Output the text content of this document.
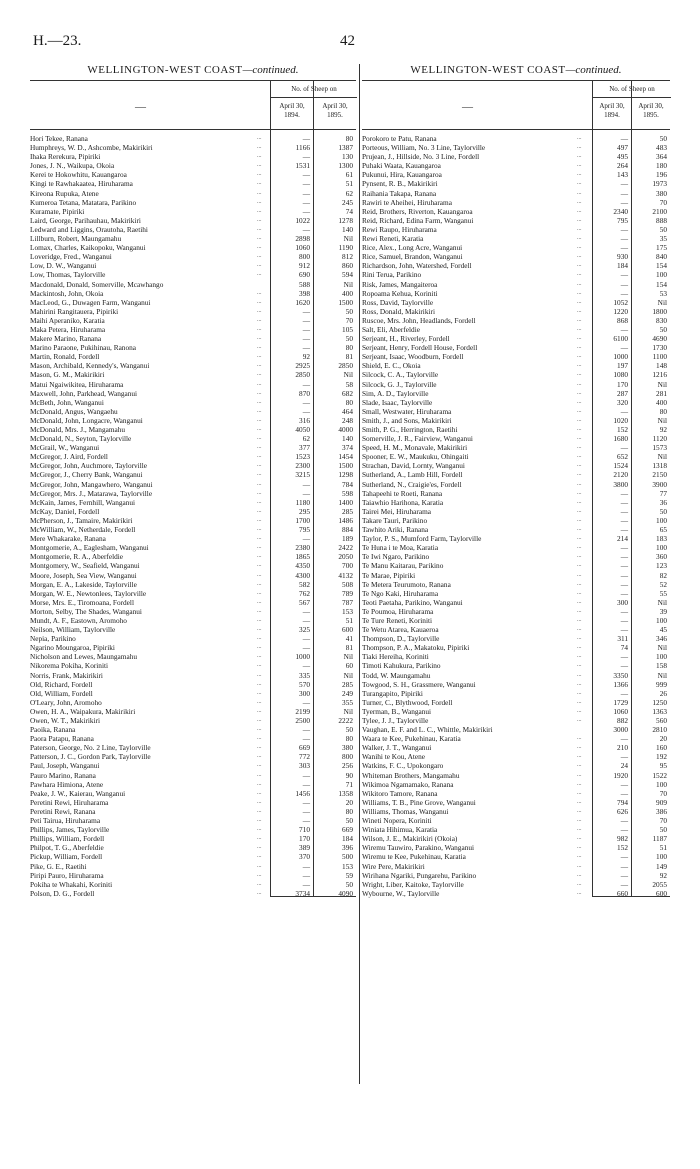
H.—23.	42
WELLINGTON-WEST COAST—continued.
—
No. of Sheep on
April 30, 1894.
April 30, 1895.
Hori Tekee, Ranana	...	—	80
Humphreys, W. D., Ashcombe, Makirikiri	...	1166	1387
Ihaka Rerekura, Pipiriki	...	—	130
Jones, J. N., Waikupa, Okoia	...	1531	1300
Kerei te Hokowhitu, Kauangaroa	...	—	61
Kingi te Rawhakaatea, Hiruharama	...	—	51
Kireona Rupuka, Atene	...	—	62
Kumeroa Tetana, Matatara, Parikino	...	—	245
Kuramate, Pipiriki	...	—	74
Laird, George, Parihauhau, Makirikiri	...	1022	1278
Ledward and Liggins, Orautoha, Raetihi	...	—	140
Lillburn, Robert, Maungamahu	...	2898	Nil
Lomax, Charles, Kaikopoku, Wanganui	...	1060	1190
Loveridge, Fred., Wanganui	...	800	812
Low, D. W., Wanganui	...	912	860
Low, Thomas, Taylorville	...	690	594
Macdonald, Donald, Somerville, Mcawhango	588	Nil
Mackintosh, John, Okoia	...	398	400
MacLeod, G., Duwagen Farm, Wanganui	...	1620	1500
Mahirini Rangitauera, Pipiriki	...	—	50
Maihi Aperaniko, Karatia	...	—	70
Maka Petera, Hiruharama	...	—	105
Makere Marino, Ranana	...	—	50
Marino Paraone, Pukihinau, Ranona	...	—	80
Martin, Ronald, Fordell	...	92	81
Mason, Archibald, Kennedy's, Wanganui	...	2925	2850
Mason, G. M., Makirikiri	...	2850	Nil
Matui Ngaiwikitea, Hiruharama	...	—	58
Maxwell, John, Parkhead, Wanganui	...	870	682
McBeth, John, Wanganui	...	—	80
McDonald, Angus, Wangaehu	...	—	464
McDonald, John, Longacre, Wanganui	...	316	248
McDonald, Mrs. J., Mangamahu	...	4050	4000
McDonald, N., Seyton, Taylorville	...	62	140
McGrail, W., Wanganui	...	377	374
McGregor, J. Aird, Fordell	...	1523	1454
McGregor, John, Auchmore, Taylorville	...	2300	1500
McGregor, J., Cherry Bank, Wanganui	...	3215	1298
McGregor, John, Mangawhero, Wanganui	...	—	784
McGregor, Mrs. J., Matarawa, Taylorville	...	—	598
McKain, James, Fernhill, Wanganui	...	1180	1400
McKay, Daniel, Fordell	...	295	285
McPherson, J., Tamaire, Makirikiri	...	1700	1486
McWilliam, W., Netherdale, Fordell	...	795	884
Mere Whakarake, Ranana	...	—	189
Montgomerie, A., Eaglesham, Wanganui	...	2380	2422
Montgomerie, R. A., Aberfeldie	...	1865	2050
Montgomery, W., Seafield, Wanganui	...	4350	700
Moore, Joseph, Sea View, Wanganui	...	4300	4132
Morgan, E. A., Lakeside, Taylorville	...	582	508
Morgan, W. E., Newtonlees, Taylorville	...	762	789
Morse, Mrs. E., Tiromoana, Fordell	...	567	787
Morton, Selby, The Shades, Wanganui	...	—	153
Mundt, A. F., Eastown, Aromoho	...	—	51
Neilson, William, Taylorville	...	325	600
Nepia, Parikino	...	—	41
Ngarino Moungaroa, Pipiriki	...	—	81
Nicholson and Lewes, Maungamahu	...	1000	Nil
Nikorema Pokiha, Koriniti	...	—	60
Norris, Frank, Makirikiri	...	335	Nil
Old, Richard, Fordell	...	570	285
Old, William, Fordell	...	300	249
O'Leary, John, Aromoho	...	—	355
Owen, H. A., Waipakura, Makirikiri	...	2199	Nil
Owen, W. T., Makirikiri	...	2500	2222
Paoika, Ranana	...	—	50
Paora Patapu, Ranana	...	—	80
Paterson, George, No. 2 Line, Taylorville	...	669	380
Patterson, J. C., Gordon Park, Taylorville	...	772	800
Paul, Joseph, Wanganui	...	303	256
Pauro Marino, Ranana	...	—	90
Pawhara Himiona, Atene	...	—	71
Peake, J. W., Kaierau, Wanganui	...	1456	1358
Peretini Rewi, Hiruharama	...	—	20
Peretini Rewi, Ranana	...	—	80
Peti Tairua, Hiruharama	...	—	50
Phillips, James, Taylorville	...	710	669
Phillips, William, Fordell	...	170	184
Philpot, T. G., Aberfeldie	...	389	396
Pickup, William, Fordell	...	370	500
Pike, G. E., Raetihi	...	—	153
Piripi Pauro, Hiruharama	...	—	59
Pokiha te Whakahi, Koriniti	...	—	50
Polson, D. G., Fordell	...	3734	4090
WELLINGTON-WEST COAST—continued.
—
No. of Sheep on
April 30, 1894.
April 30, 1895.
Porokoro te Patu, Ranana	...	—	50
Porteous, William, No. 3 Line, Taylorville	...	497	483
Prujean, J., Hillside, No. 3 Line, Fordell	...	495	364
Puhaki Waata, Kauangaroa	...	264	180
Pukunui, Hira, Kauangaroa	...	143	196
Pynsent, R. B., Makirikiri	...	—	1973
Raihania Takapa, Ranana	...	—	380
Rawiri te Aheihei, Hiruharama	...	—	70
Reid, Brothers, Riverton, Kauangaroa	...	2340	2100
Reid, Richard, Edina Farm, Wanganui	...	795	888
Rewi Raupo, Hiruharama	...	—	50
Rewi Reneti, Karatia	...	—	35
Rice, Alex., Long Acre, Wanganui	...	—	175
Rice, Samuel, Brandon, Wanganui	...	930	840
Richardson, John, Watershed, Fordell	...	184	154
Rini Terua, Parikino	...	—	100
Risk, James, Mangaiteroa	...	—	154
Ropoama Kehua, Koriniti	...	—	53
Ross, David, Taylorville	...	1052	Nil
Ross, Donald, Makirikiri	...	1220	1800
Ruscoe, Mrs. John, Headlands, Fordell	...	868	830
Salt, Eli, Aberfeldie	...	—	50
Serjeant, H., Riverley, Fordell	...	6100	4690
Serjeant, Henry, Fordell House, Fordell	...	—	1730
Serjeant, Isaac, Woodburn, Fordell	...	1000	1100
Shield, E. C., Okoia	...	197	148
Silcock, C. A., Taylorville	...	1080	1216
Silcock, G. J., Taylorville	...	170	Nil
Sim, A. D., Taylorville	...	287	281
Slade, Isaac, Taylorville	...	320	400
Small, Westwater, Hiruharama	...	—	80
Smith, J., and Sons, Makirikiri	...	1020	Nil
Smith, P. G., Herrington, Raetihi	...	152	92
Somerville, J. R., Fairview, Wanganui	...	1680	1120
Speed, H. M., Monavale, Makirikiri	...	—	1573
Spooner, E. W., Maukuku, Ohingaiti	...	652	Nil
Strachan, David, Lornty, Wanganui	...	1524	1318
Sutherland, A., Lamb Hill, Fordell	...	2120	2150
Sutherland, N., Craigie'es, Fordell	...	3800	3900
Tahapeehi te Roeti, Ranana	...	—	77
Taiawhio Harihona, Karatia	...	—	36
Tairei Mei, Hiruharama	...	—	50
Takare Tauri, Parikino	...	—	100
Tawhito Ariki, Ranana	...	—	65
Taylor, P. S., Mumford Farm, Taylorville	...	214	183
Te Huna i te Moa, Karatia	...	—	100
Te Iwi Ngaro, Parikino	...	—	360
Te Manu Kaitarau, Parikino	...	—	123
Te Marae, Pipiriki	...	—	82
Te Metera Teurumoto, Ranana	...	—	52
Te Ngo Kaki, Hiruharama	...	—	55
Teoti Paetaha, Parikino, Wanganui	...	300	Nil
Te Poumoa, Hiruharama	...	—	39
Te Ture Reneti, Koriniti	...	—	100
Te Wetu Atarea, Kauaeroa	...	—	45
Thompson, D., Taylorville	...	311	346
Thompson, P. A., Makatoku, Pipiriki	...	74	Nil
Tiaki Hereiha, Koriniti	...	—	100
Timoti Kahukura, Parikino	...	—	158
Todd, W. Maungamahu	...	3350	Nil
Towgood, S. H., Grassmere, Wanganui	...	1366	999
Turangapito, Pipiriki	...	—	26
Turner, C., Blythwood, Fordell	...	1729	1250
Tyerman, B., Wanganui	...	1060	1363
Tylee, J. J., Taylorville	...	882	560
Vaughan, E. F. and L. C., Whittle, Makirikiri	3000	2810
Waara te Kee, Pukehinau, Karatia	...	—	20
Walker, J. T., Wanganui	...	210	160
Wanihi te Kou, Atene	...	—	192
Watkins, F. C., Upokongaro	...	24	95
Whiteman Brothers, Mangamahu	...	1920	1522
Wikimoa Ngamamako, Ranana	...	—	100
Wikitoro Tamore, Ranana	...	—	70
Williams, T. B., Pine Grove, Wanganui	...	794	909
Williams, Thomas, Wanganui	...	626	386
Wineti Nopera, Koriniti	...	—	70
Winiata Hihimua, Karatia	...	—	50
Wilson, J. E., Makirikiri (Okoia)	...	982	1187
Wiremu Tauwiro, Parakino, Wanganui	...	152	51
Wiremu te Kee, Pukehinau, Karatia	...	—	100
Wire Pere, Makirikiri	...	—	149
Wirihana Ngariki, Pungarehu, Parikino	...	—	92
Wright, Liber, Kaitoke, Taylorville	...	—	2055
Wybourne, W., Taylorville	...	660	600
